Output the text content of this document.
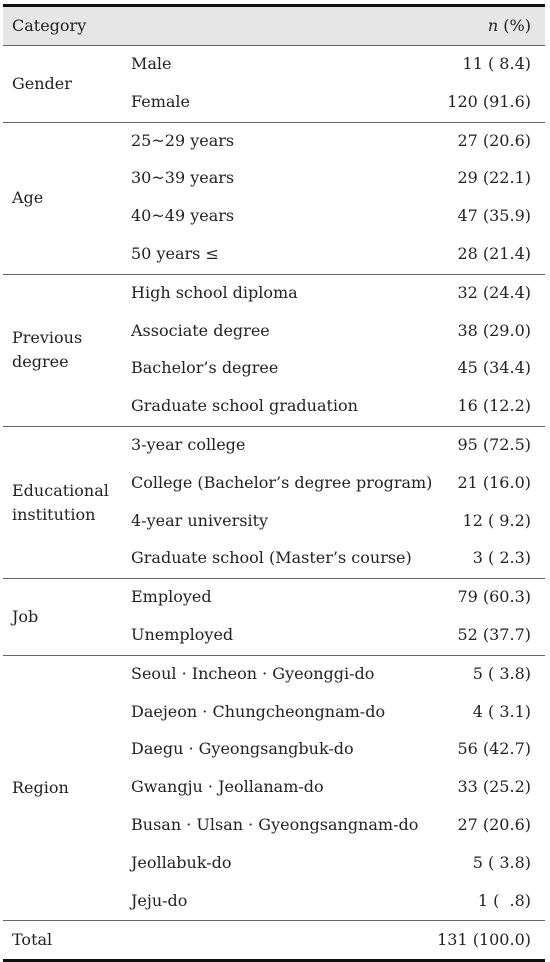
Category	n (%)
Gender
Male	11 ( 8.4)
Female	120 (91.6)
Age
25~29 years	27 (20.6)
30~39 years	29 (22.1)
40~49 years	47 (35.9)
50 years ≤	28 (21.4)
Previous
degree
High school diploma	32 (24.4)
Associate degree	38 (29.0)
Bachelor’s degree	45 (34.4)
Graduate school graduation	16 (12.2)
Educational
institution
3-year college	95 (72.5)
College (Bachelor’s degree program) 21 (16.0)
4-year university	12 ( 9.2)
Graduate school (Master’s course)	3 ( 2.3)
Job
Employed	79 (60.3)
Unemployed	52 (37.7)
Region
Seoul · Incheon · Gyeonggi-do	5 ( 3.8)
Daejeon · Chungcheongnam-do	4 ( 3.1)
Daegu · Gyeongsangbuk-do	56 (42.7)
Gwangju · Jeollanam-do	33 (25.2)
Busan · Ulsan · Gyeongsangnam-do 27 (20.6)
Jeollabuk-do	5 ( 3.8)
Jeju-do	1 (  .8)
Total	131 (100.0)
